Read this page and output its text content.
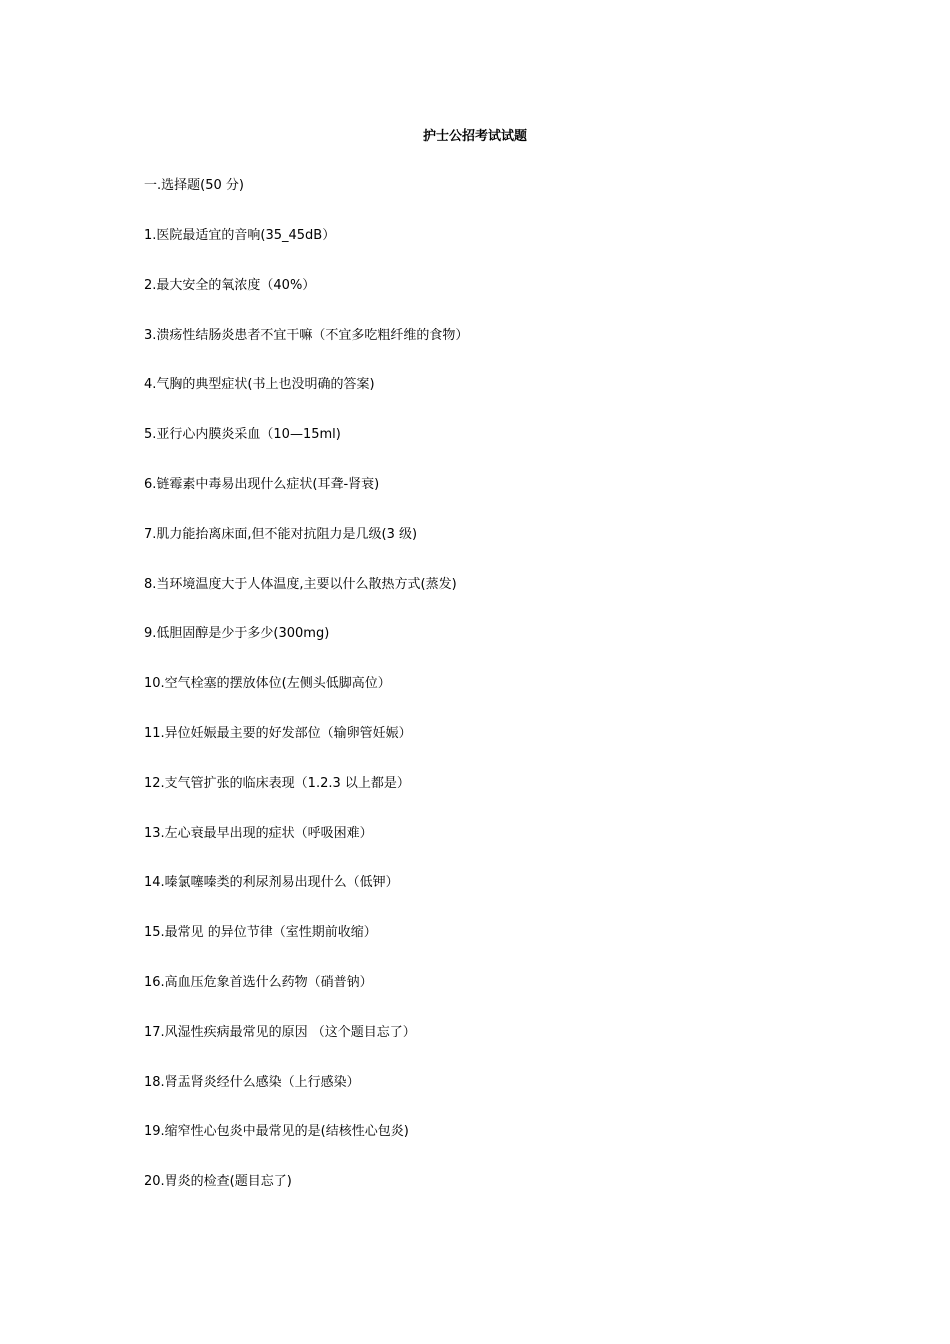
护士公招考试试题

一.选择题(50 分)

1.医院最适宜的音响(35_45dB）
2.最大安全的氧浓度（40%）
3.溃疡性结肠炎患者不宜干嘛（不宜多吃粗纤维的食物）
4.气胸的典型症状(书上也没明确的答案)
5.亚行心内膜炎采血（10—15ml)
6.链霉素中毒易出现什么症状(耳聋-肾衰)
7.肌力能抬离床面,但不能对抗阻力是几级(3 级)
8.当环境温度大于人体温度,主要以什么散热方式(蒸发)
9.低胆固醇是少于多少(300mg)
10.空气栓塞的摆放体位(左侧头低脚高位）
11.异位妊娠最主要的好发部位（输卵管妊娠）
12.支气管扩张的临床表现（1.2.3 以上都是）
13.左心衰最早出现的症状（呼吸困难）
14.嗪氯噻嗪类的利尿剂易出现什么（低钾）
15.最常见 的异位节律（室性期前收缩）
16.高血压危象首选什么药物（硝普钠）
17.风湿性疾病最常见的原因 （这个题目忘了）
18.肾盂肾炎经什么感染（上行感染）
19.缩窄性心包炎中最常见的是(结核性心包炎)
20.胃炎的检查(题目忘了)
